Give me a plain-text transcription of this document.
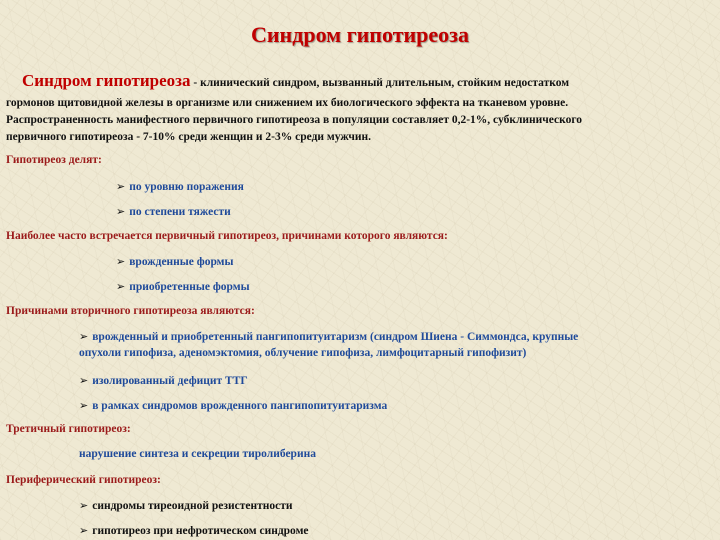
Синдром гипотиреоза
Синдром гипотиреоза - клинический синдром, вызванный длительным, стойким недостатком
гормонов щитовидной железы в организме или снижением их биологического эффекта на тканевом уровне.
Распространенность манифестного первичного гипотиреоза в популяции составляет 0,2-1%, субклинического
первичного гипотиреоза - 7-10% среди женщин и 2-3% среди мужчин.
Гипотиреоз делят:
➢ по уровню поражения
➢ по степени тяжести
Наиболее часто встречается первичный гипотиреоз, причинами которого являются:
➢ врожденные формы
➢ приобретенные формы
Причинами вторичного гипотиреоза являются:
➢ врожденный и приобретенный пангипопитуитаризм (синдром Шиена - Симмондса, крупные
опухоли гипофиза, аденомэктомия, облучение гипофиза, лимфоцитарный гипофизит)
➢ изолированный дефицит ТТГ
➢ в рамках синдромов врожденного пангипопитуитаризма
Третичный гипотиреоз:
нарушение синтеза и секреции тиролиберина
Периферический гипотиреоз:
➢ синдромы тиреоидной резистентности
➢ гипотиреоз при нефротическом синдроме
